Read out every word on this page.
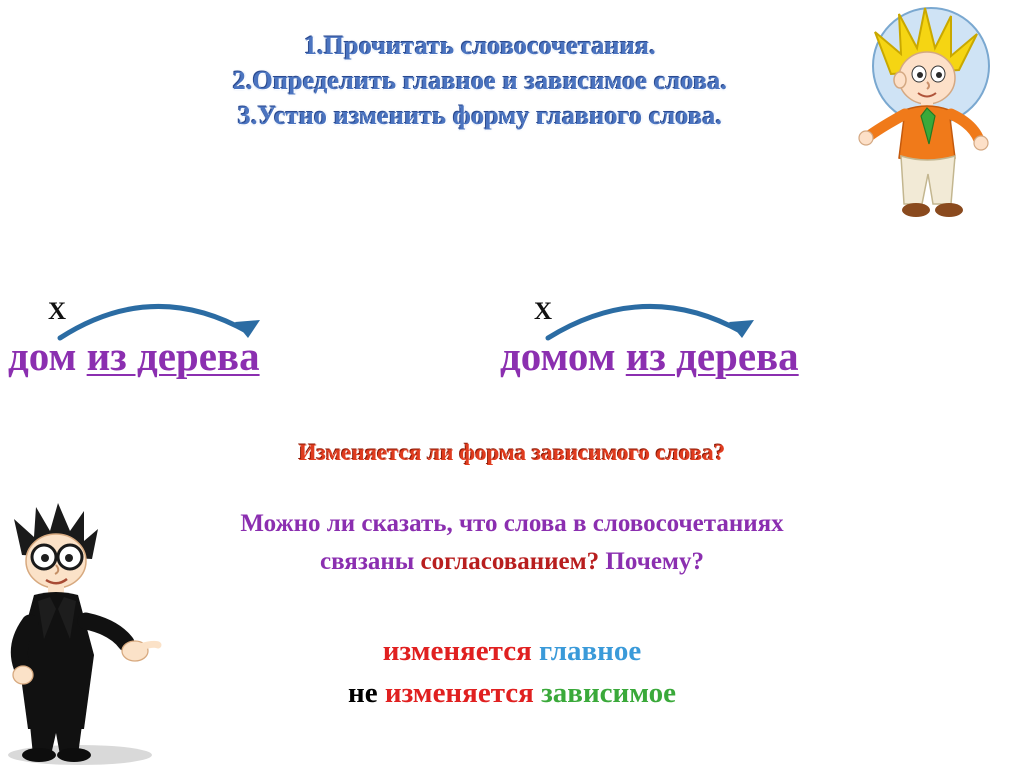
1.Прочитать словосочетания.
2.Определить главное и зависимое слова.
3.Устно изменить форму главного слова.
X
дом из дерева
X
домом из дерева
Изменяется ли форма зависимого слова?
Можно ли сказать, что слова в словосочетаниях
связаны согласованием? Почему?
изменяется главное
не изменяется зависимое
